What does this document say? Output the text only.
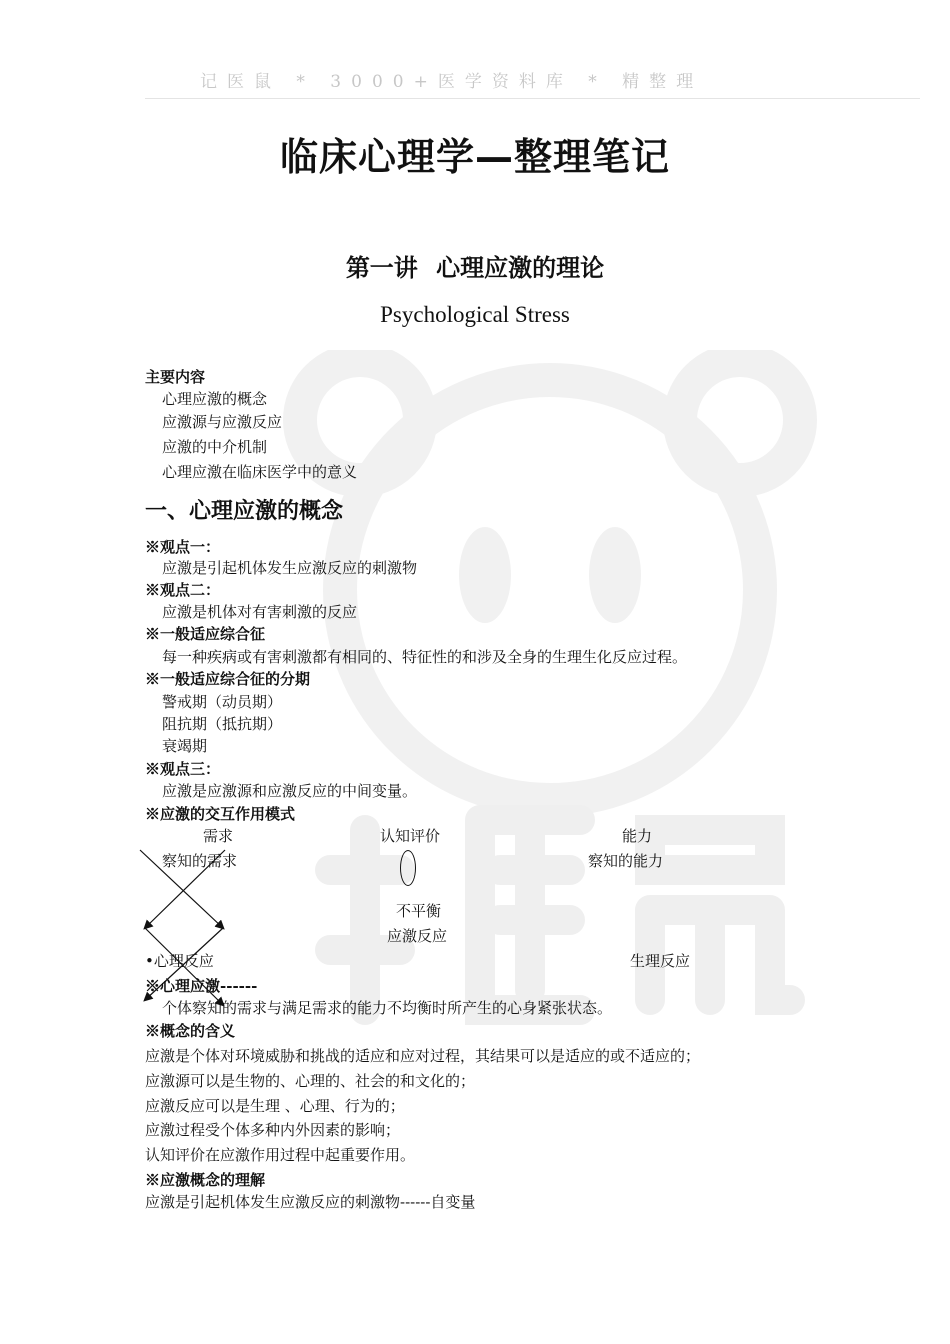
记医鼠 * 3000+医学资料库 * 精整理
临床心理学—整理笔记
第一讲 心理应激的理论
Psychological Stress
主要内容
心理应激的概念
应激源与应激反应
应激的中介机制
心理应激在临床医学中的意义
一、心理应激的概念
※观点一：
应激是引起机体发生应激反应的刺激物
※观点二：
应激是机体对有害刺激的反应
※一般适应综合征
每一种疾病或有害刺激都有相同的、特征性的和涉及全身的生理生化反应过程。
※一般适应综合征的分期
警戒期（动员期）
阻抗期（抵抗期）
衰竭期
※观点三：
应激是应激源和应激反应的中间变量。
※应激的交互作用模式
需求	认知评价	能力
察知的需求	察知的能力
不平衡
应激反应
•心理反应	生理反应
※心理应激------
个体察知的需求与满足需求的能力不均衡时所产生的心身紧张状态。
※概念的含义
应激是个体对环境威胁和挑战的适应和应对过程，其结果可以是适应的或不适应的；
应激源可以是生物的、心理的、社会的和文化的；
应激反应可以是生理 、心理、行为的；
应激过程受个体多种内外因素的影响；
认知评价在应激作用过程中起重要作用。
※应激概念的理解
应激是引起机体发生应激反应的刺激物------自变量
